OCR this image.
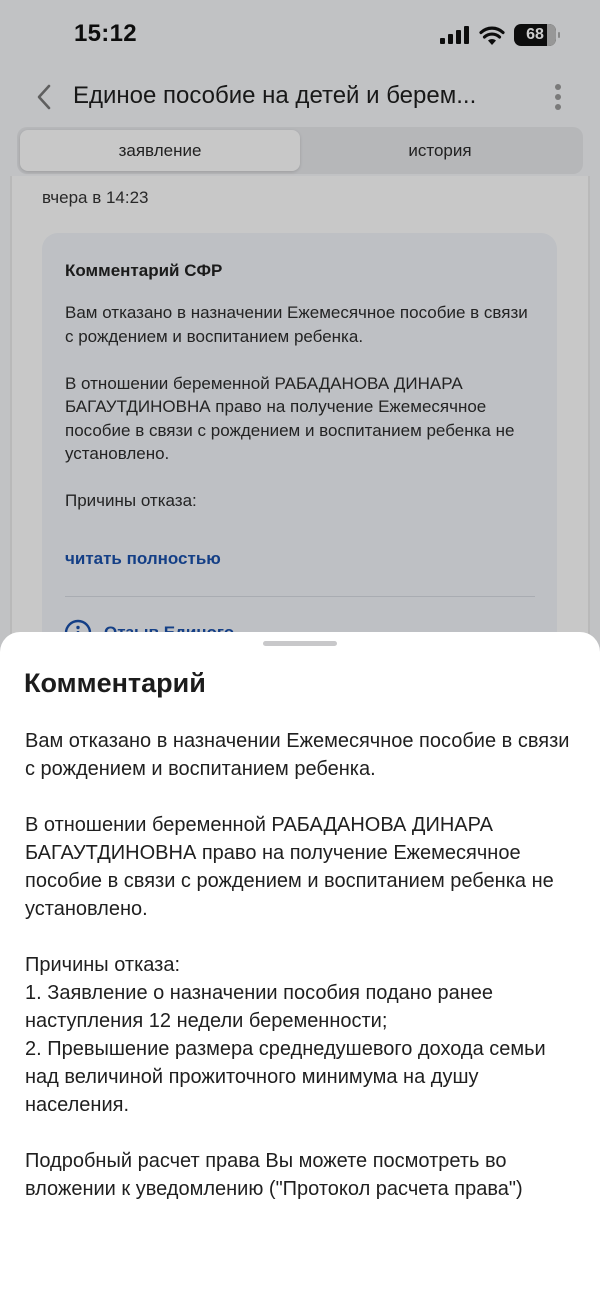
15:12	68
Единое пособие на детей и берем...
заявление	история
вчера в 14:23
Комментарий СФР

Вам отказано в назначении Ежемесячное пособие в связи с рождением и воспитанием ребенка.

В отношении беременной РАБАДАНОВА ДИНАРА БАГАУТДИНОВНА право на получение Ежемесячное пособие в связи с рождением и воспитанием ребенка не установлено.

Причины отказа:

читать полностью
Комментарий

Вам отказано в назначении Ежемесячное пособие в связи с рождением и воспитанием ребенка.

В отношении беременной РАБАДАНОВА ДИНАРА БАГАУТДИНОВНА право на получение Ежемесячное пособие в связи с рождением и воспитанием ребенка не установлено.

Причины отказа:
1. Заявление о назначении пособия подано ранее наступления 12 недели беременности;
2. Превышение размера среднедушевого дохода семьи над величиной прожиточного минимума на душу населения.

Подробный расчет права Вы можете посмотреть во вложении к уведомлению ("Протокол расчета права")
